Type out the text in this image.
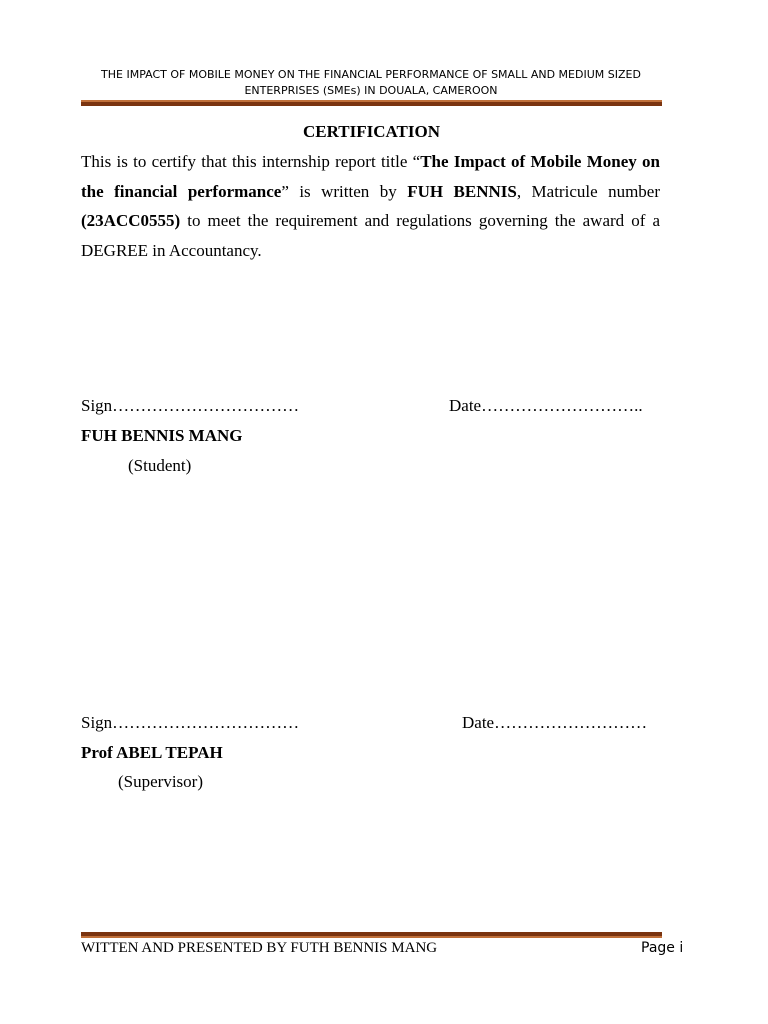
THE IMPACT OF MOBILE MONEY ON THE FINANCIAL PERFORMANCE OF SMALL AND MEDIUM SIZED
ENTERPRISES (SMEs) IN DOUALA, CAMEROON
CERTIFICATION

This is to certify that this internship report title “The Impact of Mobile Money on the financial performance” is written by FUH BENNIS, Matricule number (23ACC0555) to meet the requirement and regulations governing the award of a DEGREE in Accountancy.

Sign……………………………	Date………………………..
FUH BENNIS MANG
(Student)
Sign……………………………	Date………………………
Prof ABEL TEPAH
(Supervisor)
WITTEN AND PRESENTED BY FUTH BENNIS MANG	Page i
